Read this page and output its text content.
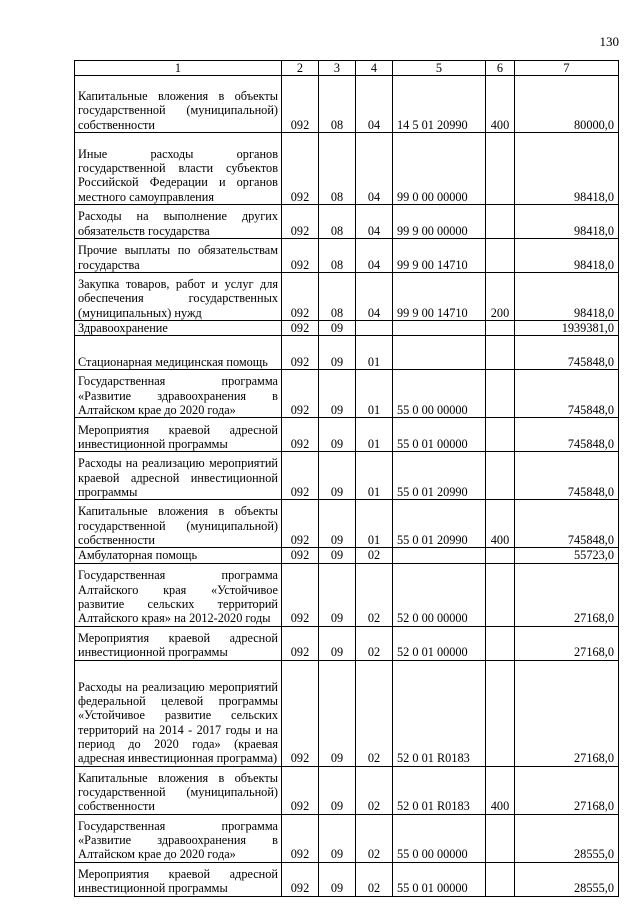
130
1	2	3	4	5	6	7
Капитальные вложения в объекты государственной (муниципальной) собственности	092	08	04	14 5 01 20990	400	80000,0
Иные расходы органов государственной власти субъектов Российской Федерации и органов местного самоуправления	092	08	04	99 0 00 00000		98418,0
Расходы на выполнение других обязательств государства	092	08	04	99 9 00 00000		98418,0
Прочие выплаты по обязательствам государства	092	08	04	99 9 00 14710		98418,0
Закупка товаров, работ и услуг для обеспечения государственных (муниципальных) нужд	092	08	04	99 9 00 14710	200	98418,0
Здравоохранение	092	09				1939381,0
Стационарная медицинская помощь	092	09	01			745848,0
Государственная программа «Развитие здравоохранения в Алтайском крае до 2020 года»	092	09	01	55 0 00 00000		745848,0
Мероприятия краевой адресной инвестиционной программы	092	09	01	55 0 01 00000		745848,0
Расходы на реализацию мероприятий краевой адресной инвестиционной программы	092	09	01	55 0 01 20990		745848,0
Капитальные вложения в объекты государственной (муниципальной) собственности	092	09	01	55 0 01 20990	400	745848,0
Амбулаторная помощь	092	09	02			55723,0
Государственная программа Алтайского края «Устойчивое развитие сельских территорий Алтайского края» на 2012-2020 годы	092	09	02	52 0 00 00000		27168,0
Мероприятия краевой адресной инвестиционной программы	092	09	02	52 0 01 00000		27168,0
Расходы на реализацию мероприятий федеральной целевой программы «Устойчивое развитие сельских территорий на 2014 - 2017 годы и на период до 2020 года» (краевая адресная инвестиционная программа)	092	09	02	52 0 01 R0183		27168,0
Капитальные вложения в объекты государственной (муниципальной) собственности	092	09	02	52 0 01 R0183	400	27168,0
Государственная программа «Развитие здравоохранения в Алтайском крае до 2020 года»	092	09	02	55 0 00 00000		28555,0
Мероприятия краевой адресной инвестиционной программы	092	09	02	55 0 01 00000		28555,0
